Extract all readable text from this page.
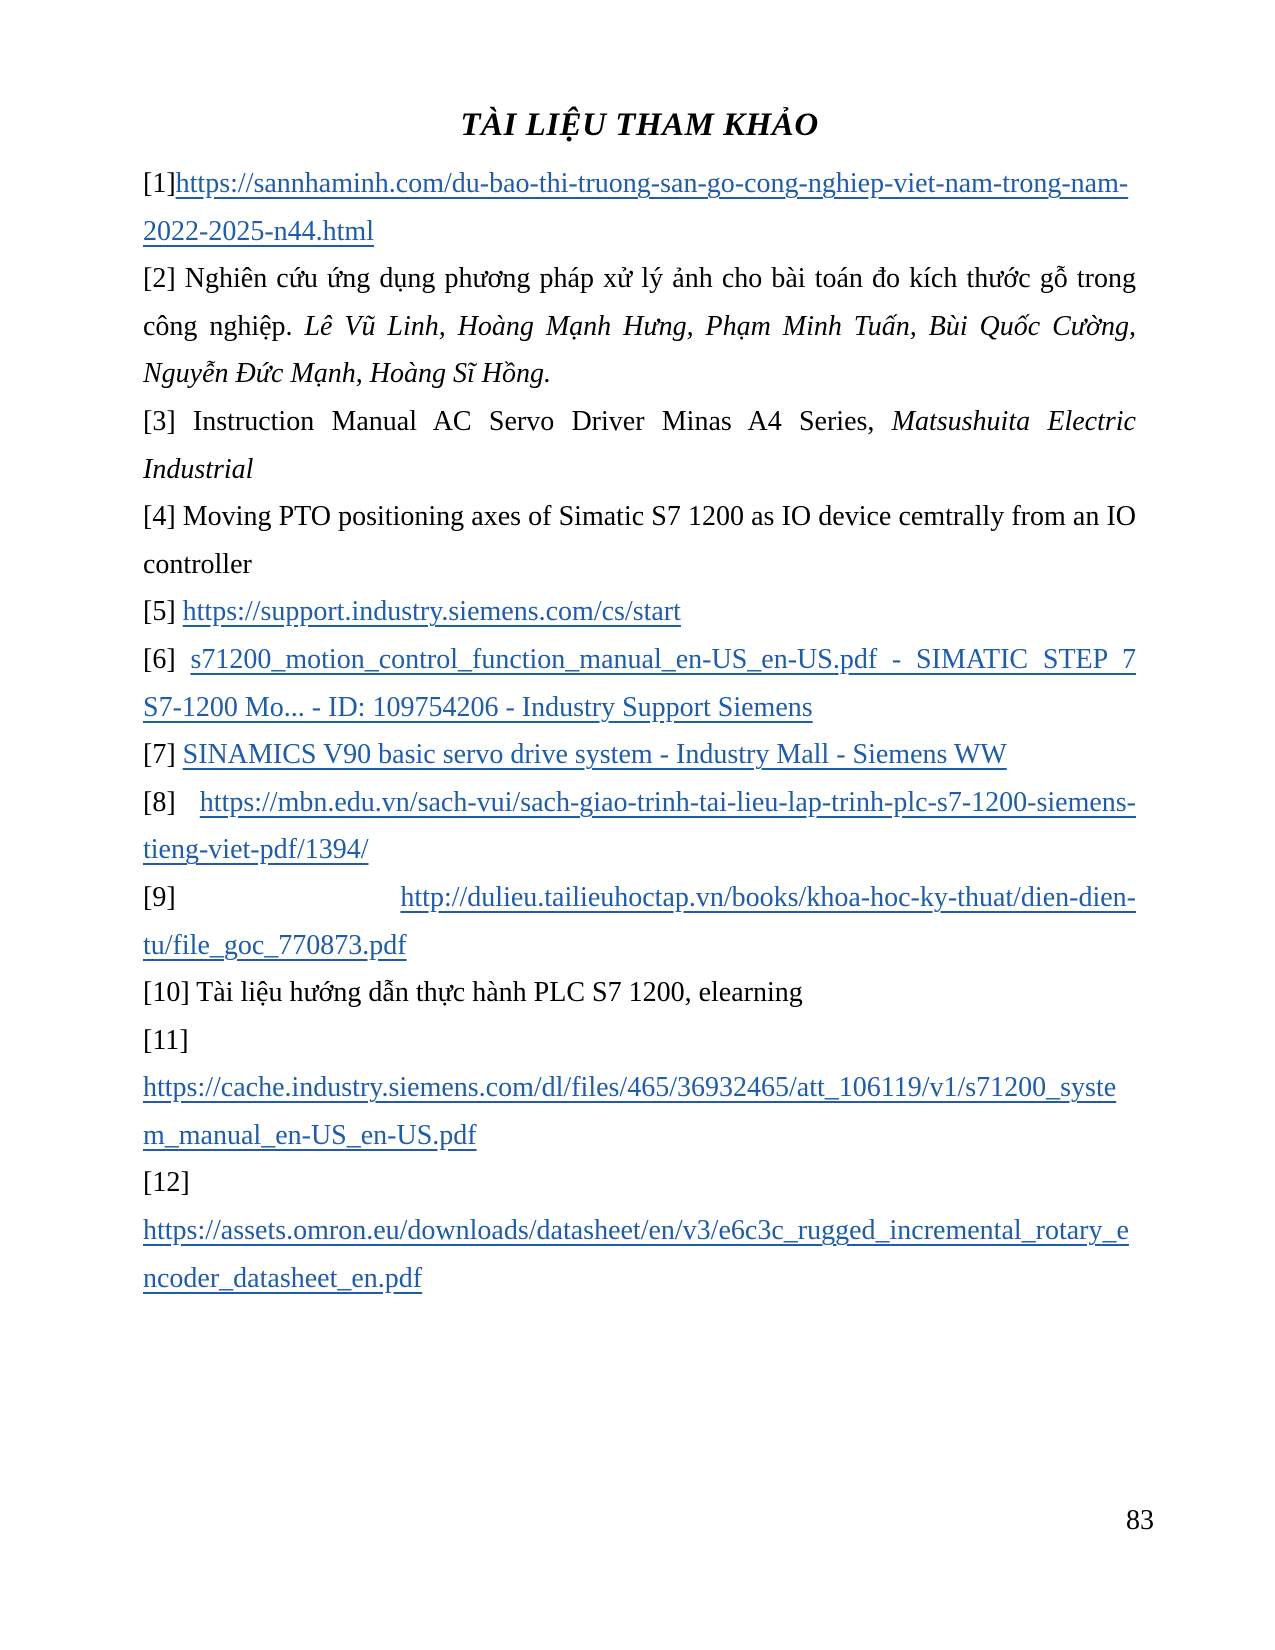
TÀI LIỆU THAM KHẢO

[1]https://sannhaminh.com/du-bao-thi-truong-san-go-cong-nghiep-viet-nam-trong-nam-2022-2025-n44.html

[2] Nghiên cứu ứng dụng phương pháp xử lý ảnh cho bài toán đo kích thước gỗ trong công nghiệp. Lê Vũ Linh, Hoàng Mạnh Hưng, Phạm Minh Tuấn, Bùi Quốc Cường, Nguyễn Đức Mạnh, Hoàng Sĩ Hồng.

[3] Instruction Manual AC Servo Driver Minas A4 Series, Matsushuita Electric Industrial

[4] Moving PTO positioning axes of Simatic S7 1200 as IO device cemtrally from an IO controller

[5] https://support.industry.siemens.com/cs/start

[6] s71200_motion_control_function_manual_en-US_en-US.pdf - SIMATIC STEP 7 S7-1200 Mo... - ID: 109754206 - Industry Support Siemens

[7] SINAMICS V90 basic servo drive system - Industry Mall - Siemens WW

[8] https://mbn.edu.vn/sach-vui/sach-giao-trinh-tai-lieu-lap-trinh-plc-s7-1200-siemens-tieng-viet-pdf/1394/

[9] http://dulieu.tailieuhoctap.vn/books/khoa-hoc-ky-thuat/dien-dien-tu/file_goc_770873.pdf

[10] Tài liệu hướng dẫn thực hành PLC S7 1200, elearning

[11]
https://cache.industry.siemens.com/dl/files/465/36932465/att_106119/v1/s71200_system_manual_en-US_en-US.pdf

[12]
https://assets.omron.eu/downloads/datasheet/en/v3/e6c3c_rugged_incremental_rotary_encoder_datasheet_en.pdf

83
